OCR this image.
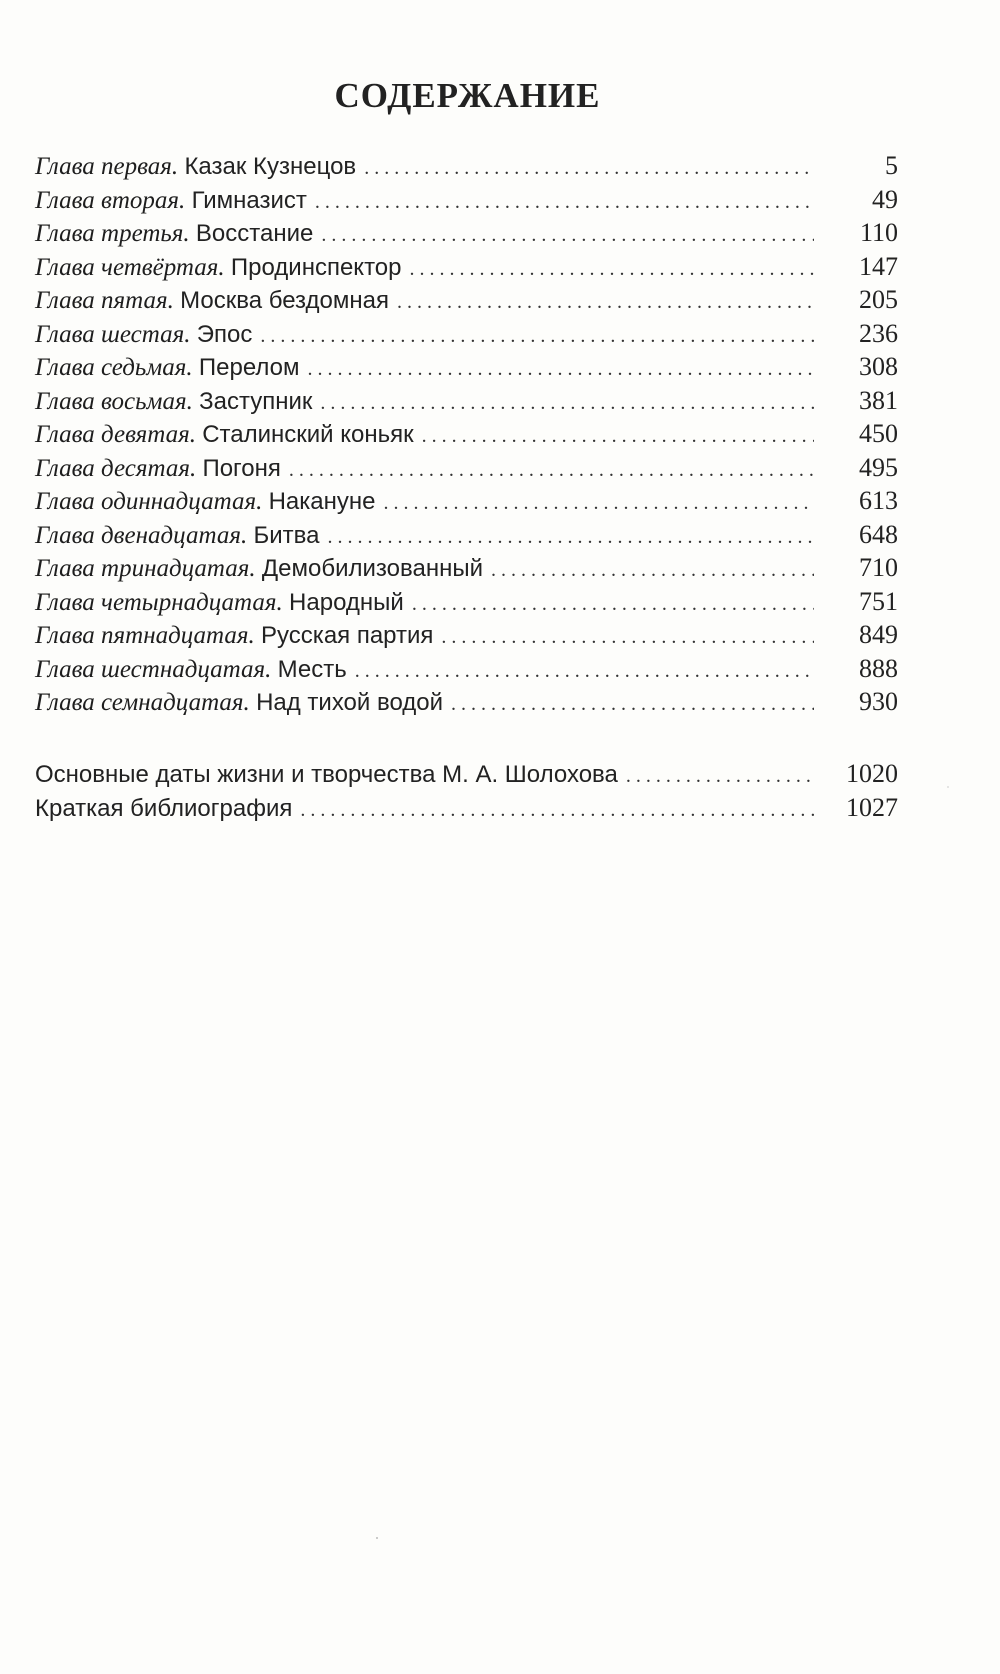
СОДЕРЖАНИЕ
Глава первая. Казак Кузнецов . . .	5
Глава вторая. Гимназист . . .	49
Глава третья. Восстание . . .	110
Глава четвёртая. Продинспектор . . .	147
Глава пятая. Москва бездомная . . .	205
Глава шестая. Эпос . . .	236
Глава седьмая. Перелом . . .	308
Глава восьмая. Заступник . . .	381
Глава девятая. Сталинский коньяк . . .	450
Глава десятая. Погоня . . .	495
Глава одиннадцатая. Накануне . . .	613
Глава двенадцатая. Битва . . .	648
Глава тринадцатая. Демобилизованный . . .	710
Глава четырнадцатая. Народный . . .	751
Глава пятнадцатая. Русская партия . . .	849
Глава шестнадцатая. Месть . . .	888
Глава семнадцатая. Над тихой водой . . .	930
Основные даты жизни и творчества М. А. Шолохова . . .	1020
Краткая библиография . . .	1027
